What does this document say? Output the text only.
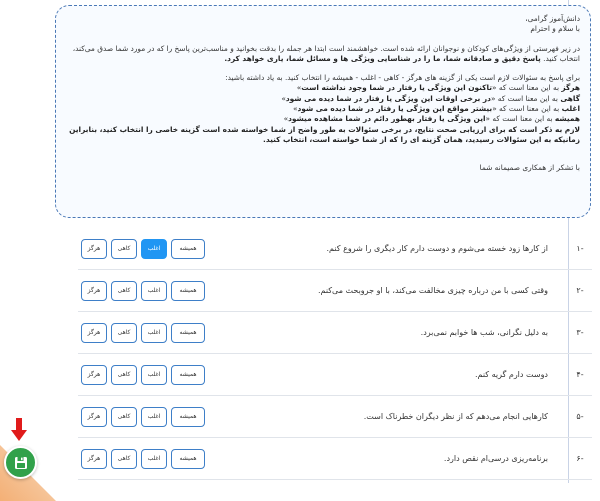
دانش‌آموز گرامی،

با سلام و احترام

در زیر فهرستی از ویژگی‌های کودکان و نوجوانان ارائه شده است. خواهشمند است ابتدا هر جمله را بدقت بخوانید و مناسب‌ترین پاسخ را که در مورد شما صدق می‌کند، انتخاب کنید. پاسخ دقیق و صادقانه شما، ما را در شناسایی ویژگی ها و مسائل شما، یاری خواهد کرد.

برای پاسخ به سئوالات لازم است یکی از گزینه های هرگز - کاهی - اغلب - همیشه را انتخاب کنید. به یاد داشته باشید:

هرگز به این معنا است که «تاکنون این ویژگی یا رفتار در شما وجود نداشته است»

گاهی به این معنا است که «در برخی اوقات این ویژگی یا رفتار در شما دیده می شود»

اغلب به این معنا است که «بیشتر مواقع این ویژگی یا رفتار در شما دیده می شود»

همیشه به این معنا است که «این ویژگی یا رفتار بهطور دائم در شما مشاهده میشود»

لازم به ذکر است که برای ارزیابی صحت نتایج، در برخی سئوالات به طور واضح از شما خواسته شده است گزینه خاصی را انتخاب کنید، بنابراین زمانیکه به این سئوالات رسیدید، همان گزینه ای را که از شما خواسته است، انتخاب کنید.

با تشکر از همکاری صمیمانه شما

-۱
از کارها زود خسته می‌شوم و دوست دارم کار دیگری را شروع کنم.
همیشه
اغلب
کاهی
هرگز
-۲
وقتی کسی با من درباره چیزی مخالفت می‌کند، با او جروبحث می‌کنم.
همیشه
اغلب
کاهی
هرگز
-۳
به دلیل نگرانی، شب ها خوابم نمی‌برد.
همیشه
اغلب
کاهی
هرگز
-۴
دوست دارم گریه کنم.
همیشه
اغلب
کاهی
هرگز
-۵
کارهایی انجام می‌دهم که از نظر دیگران خطرناک است.
همیشه
اغلب
کاهی
هرگز
-۶
برنامه‌ریزی درسی‌ام نقص دارد.
همیشه
اغلب
کاهی
هرگز
